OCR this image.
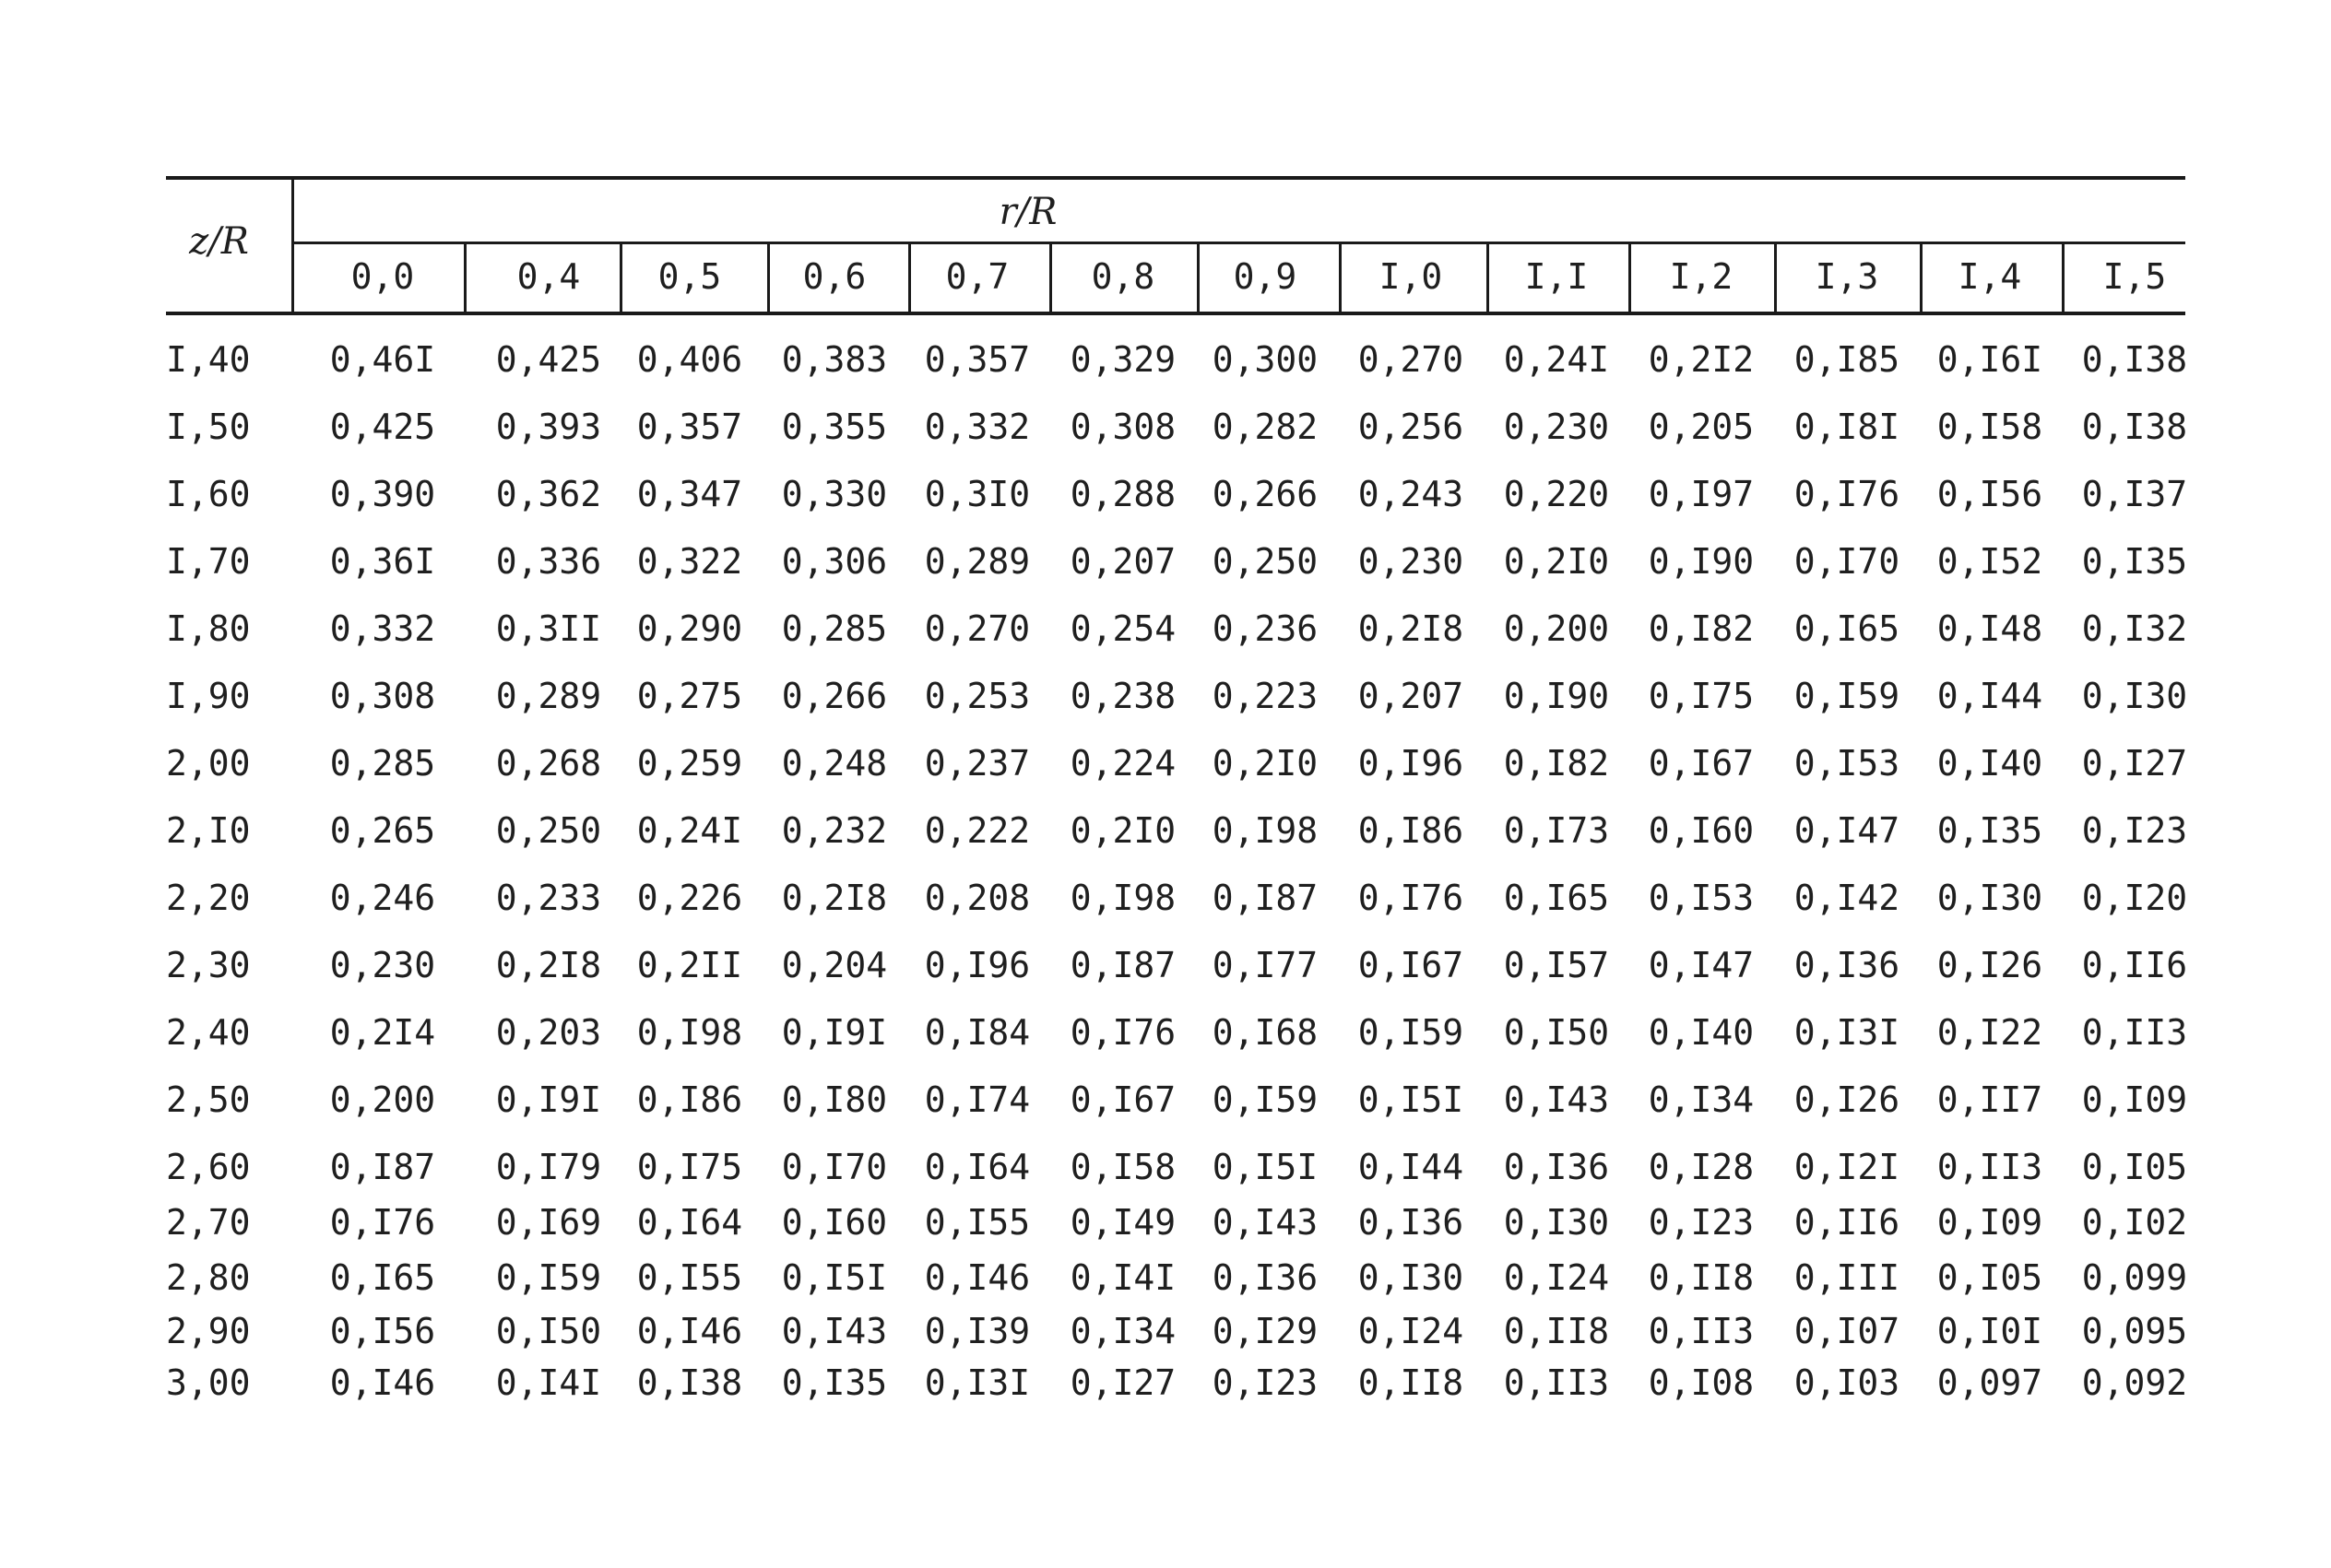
z/R
r/R
0,0	0,4	0,5	0,6	0,7	0,8	0,9	I,0	I,I	I,2	I,3	I,4	I,5
I,40	0,46I	0,425	0,406	0,383	0,357	0,329	0,300	0,270	0,24I	0,2I2	0,I85	0,I6I	0,I38
I,50	0,425	0,393	0,357	0,355	0,332	0,308	0,282	0,256	0,230	0,205	0,I8I	0,I58	0,I38
I,60	0,390	0,362	0,347	0,330	0,3I0	0,288	0,266	0,243	0,220	0,I97	0,I76	0,I56	0,I37
I,70	0,36I	0,336	0,322	0,306	0,289	0,207	0,250	0,230	0,2I0	0,I90	0,I70	0,I52	0,I35
I,80	0,332	0,3II	0,290	0,285	0,270	0,254	0,236	0,2I8	0,200	0,I82	0,I65	0,I48	0,I32
I,90	0,308	0,289	0,275	0,266	0,253	0,238	0,223	0,207	0,I90	0,I75	0,I59	0,I44	0,I30
2,00	0,285	0,268	0,259	0,248	0,237	0,224	0,2I0	0,I96	0,I82	0,I67	0,I53	0,I40	0,I27
2,I0	0,265	0,250	0,24I	0,232	0,222	0,2I0	0,I98	0,I86	0,I73	0,I60	0,I47	0,I35	0,I23
2,20	0,246	0,233	0,226	0,2I8	0,208	0,I98	0,I87	0,I76	0,I65	0,I53	0,I42	0,I30	0,I20
2,30	0,230	0,2I8	0,2II	0,204	0,I96	0,I87	0,I77	0,I67	0,I57	0,I47	0,I36	0,I26	0,II6
2,40	0,2I4	0,203	0,I98	0,I9I	0,I84	0,I76	0,I68	0,I59	0,I50	0,I40	0,I3I	0,I22	0,II3
2,50	0,200	0,I9I	0,I86	0,I80	0,I74	0,I67	0,I59	0,I5I	0,I43	0,I34	0,I26	0,II7	0,I09
2,60	0,I87	0,I79	0,I75	0,I70	0,I64	0,I58	0,I5I	0,I44	0,I36	0,I28	0,I2I	0,II3	0,I05
2,70	0,I76	0,I69	0,I64	0,I60	0,I55	0,I49	0,I43	0,I36	0,I30	0,I23	0,II6	0,I09	0,I02
2,80	0,I65	0,I59	0,I55	0,I5I	0,I46	0,I4I	0,I36	0,I30	0,I24	0,II8	0,III	0,I05	0,099
2,90	0,I56	0,I50	0,I46	0,I43	0,I39	0,I34	0,I29	0,I24	0,II8	0,II3	0,I07	0,I0I	0,095
3,00	0,I46	0,I4I	0,I38	0,I35	0,I3I	0,I27	0,I23	0,II8	0,II3	0,I08	0,I03	0,097	0,092
